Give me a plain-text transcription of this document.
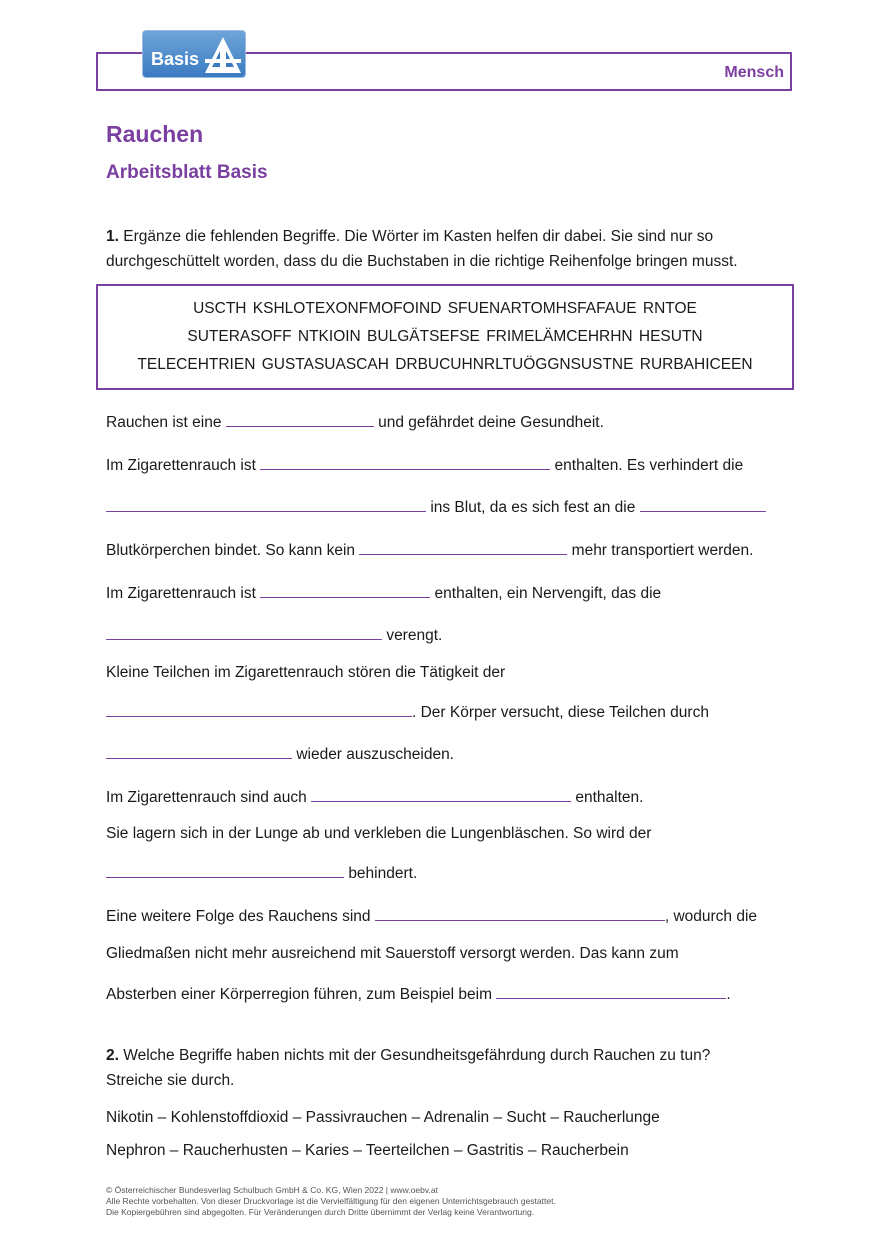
Basis
Mensch
Rauchen
Arbeitsblatt Basis
1. Ergänze die fehlenden Begriffe. Die Wörter im Kasten helfen dir dabei. Sie sind nur so
durchgeschüttelt worden, dass du die Buchstaben in die richtige Reihenfolge bringen musst.
USCTH KSHLOTEXONFMOFOIND SFUENARTOMHSFAFAUE RNTOE
SUTERASOFF NTKIOIN BULGÄTSEFSE FRIMELÄMCEHRHN HESUTN
TELECEHTRIEN GUSTASUASCAH DRBUCUHNRLTUÖGGNSUSTNE RURBAHICEEN
Rauchen ist eine	und gefährdet deine Gesundheit.
Im Zigarettenrauch ist	enthalten. Es verhindert die
ins Blut, da es sich fest an die
Blutkörperchen bindet. So kann kein	mehr transportiert werden.
Im Zigarettenrauch ist	enthalten, ein Nervengift, das die
verengt.
Kleine Teilchen im Zigarettenrauch stören die Tätigkeit der
. Der Körper versucht, diese Teilchen durch
wieder auszuscheiden.
Im Zigarettenrauch sind auch	enthalten.
Sie lagern sich in der Lunge ab und verkleben die Lungenbläschen. So wird der
behindert.
Eine weitere Folge des Rauchens sind	, wodurch die
Gliedmaßen nicht mehr ausreichend mit Sauerstoff versorgt werden. Das kann zum
Absterben einer Körperregion führen, zum Beispiel beim	.
2. Welche Begriffe haben nichts mit der Gesundheitsgefährdung durch Rauchen zu tun?
Streiche sie durch.
Nikotin – Kohlenstoffdioxid – Passivrauchen – Adrenalin – Sucht – Raucherlunge
Nephron – Raucherhusten – Karies – Teerteilchen – Gastritis – Raucherbein
© Österreichischer Bundesverlag Schulbuch GmbH & Co. KG, Wien 2022 | www.oebv.at
Alle Rechte vorbehalten. Von dieser Druckvorlage ist die Vervielfältigung für den eigenen Unterrichtsgebrauch gestattet.
Die Kopiergebühren sind abgegolten. Für Veränderungen durch Dritte übernimmt der Verlag keine Verantwortung.
